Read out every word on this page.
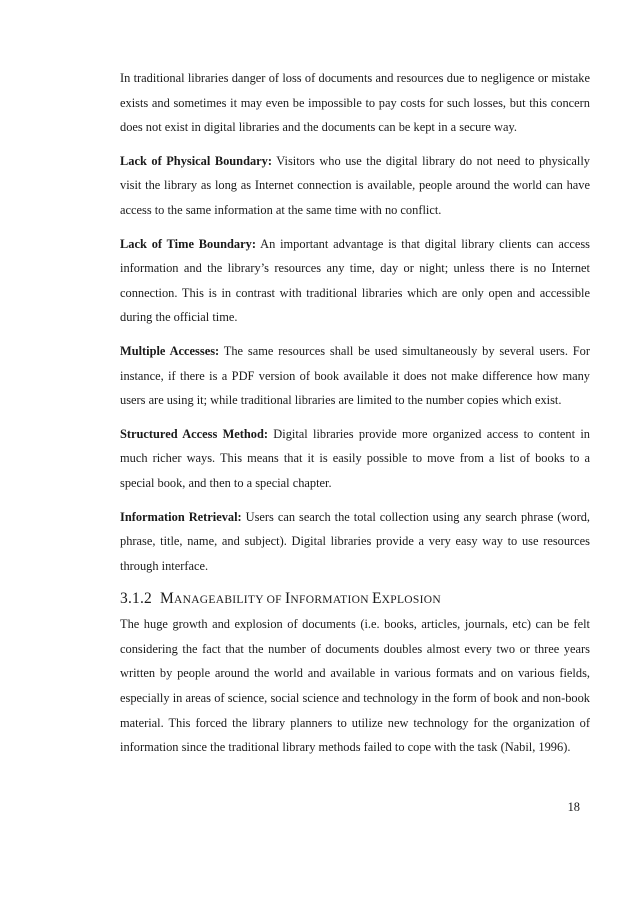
In traditional libraries danger of loss of documents and resources due to negligence or mistake exists and sometimes it may even be impossible to pay costs for such losses, but this concern does not exist in digital libraries and the documents can be kept in a secure way.

Lack of Physical Boundary: Visitors who use the digital library do not need to physically visit the library as long as Internet connection is available, people around the world can have access to the same information at the same time with no conflict.

Lack of Time Boundary: An important advantage is that digital library clients can access information and the library’s resources any time, day or night; unless there is no Internet connection. This is in contrast with traditional libraries which are only open and accessible during the official time.

Multiple Accesses: The same resources shall be used simultaneously by several users. For instance, if there is a PDF version of book available it does not make difference how many users are using it; while traditional libraries are limited to the number copies which exist.

Structured Access Method: Digital libraries provide more organized access to content in much richer ways. This means that it is easily possible to move from a list of books to a special book, and then to a special chapter.

Information Retrieval: Users can search the total collection using any search phrase (word, phrase, title, name, and subject). Digital libraries provide a very easy way to use resources through interface.

3.1.2 MANAGEABILITY OF INFORMATION EXPLOSION

The huge growth and explosion of documents (i.e. books, articles, journals, etc) can be felt considering the fact that the number of documents doubles almost every two or three years written by people around the world and available in various formats and on various fields, especially in areas of science, social science and technology in the form of book and non-book material. This forced the library planners to utilize new technology for the organization of information since the traditional library methods failed to cope with the task (Nabil, 1996).

18
